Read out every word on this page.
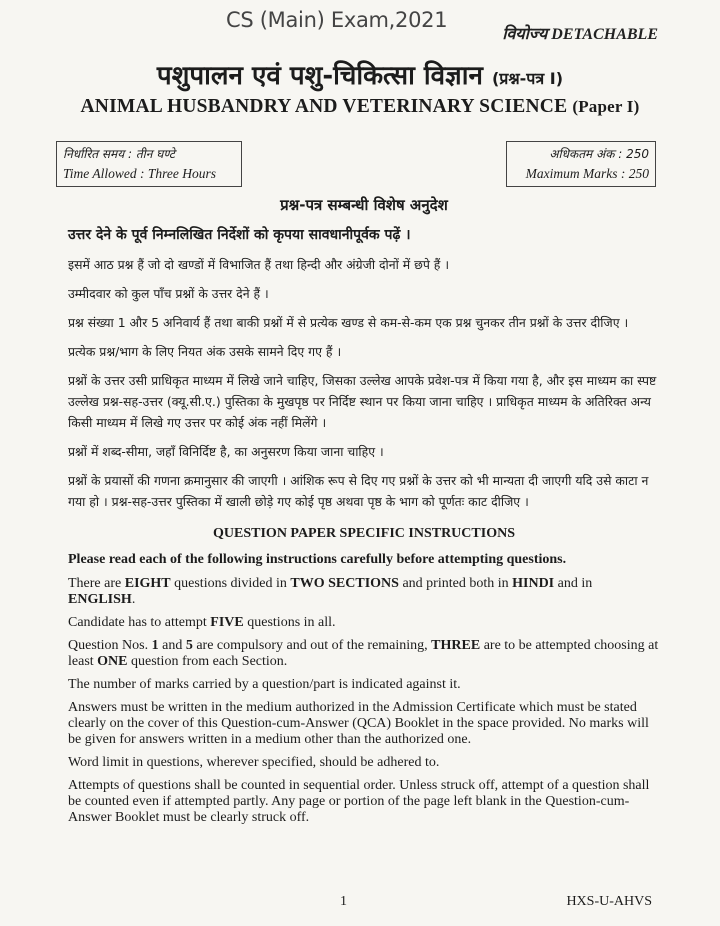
CS (Main) Exam,2021
वियोज्य DETACHABLE
पशुपालन एवं पशु-चिकित्सा विज्ञान (प्रश्न-पत्र I)
ANIMAL HUSBANDRY AND VETERINARY SCIENCE (Paper I)
निर्धारित समय : तीन घण्टे
Time Allowed : Three Hours
अधिकतम अंक : 250
Maximum Marks : 250
प्रश्न-पत्र सम्बन्धी विशेष अनुदेश
उत्तर देने के पूर्व निम्नलिखित निर्देशों को कृपया सावधानीपूर्वक पढ़ें ।

इसमें आठ प्रश्न हैं जो दो खण्डों में विभाजित हैं तथा हिन्दी और अंग्रेजी दोनों में छपे हैं ।

उम्मीदवार को कुल पाँच प्रश्नों के उत्तर देने हैं ।

प्रश्न संख्या 1 और 5 अनिवार्य हैं तथा बाकी प्रश्नों में से प्रत्येक खण्ड से कम-से-कम एक प्रश्न चुनकर तीन प्रश्नों के उत्तर दीजिए ।

प्रत्येक प्रश्न/भाग के लिए नियत अंक उसके सामने दिए गए हैं ।

प्रश्नों के उत्तर उसी प्राधिकृत माध्यम में लिखे जाने चाहिए, जिसका उल्लेख आपके प्रवेश-पत्र में किया गया है, और इस माध्यम का स्पष्ट उल्लेख प्रश्न-सह-उत्तर (क्यू.सी.ए.) पुस्तिका के मुखपृष्ठ पर निर्दिष्ट स्थान पर किया जाना चाहिए । प्राधिकृत माध्यम के अतिरिक्त अन्य किसी माध्यम में लिखे गए उत्तर पर कोई अंक नहीं मिलेंगे ।

प्रश्नों में शब्द-सीमा, जहाँ विनिर्दिष्ट है, का अनुसरण किया जाना चाहिए ।

प्रश्नों के प्रयासों की गणना क्रमानुसार की जाएगी । आंशिक रूप से दिए गए प्रश्नों के उत्तर को भी मान्यता दी जाएगी यदि उसे काटा न गया हो । प्रश्न-सह-उत्तर पुस्तिका में खाली छोड़े गए कोई पृष्ठ अथवा पृष्ठ के भाग को पूर्णतः काट दीजिए ।

QUESTION PAPER SPECIFIC INSTRUCTIONS
Please read each of the following instructions carefully before attempting questions.

There are EIGHT questions divided in TWO SECTIONS and printed both in HINDI and in ENGLISH.

Candidate has to attempt FIVE questions in all.

Question Nos. 1 and 5 are compulsory and out of the remaining, THREE are to be attempted choosing at least ONE question from each Section.

The number of marks carried by a question/part is indicated against it.

Answers must be written in the medium authorized in the Admission Certificate which must be stated clearly on the cover of this Question-cum-Answer (QCA) Booklet in the space provided. No marks will be given for answers written in a medium other than the authorized one.

Word limit in questions, wherever specified, should be adhered to.

Attempts of questions shall be counted in sequential order. Unless struck off, attempt of a question shall be counted even if attempted partly. Any page or portion of the page left blank in the Question-cum-Answer Booklet must be clearly struck off.

1	HXS-U-AHVS
